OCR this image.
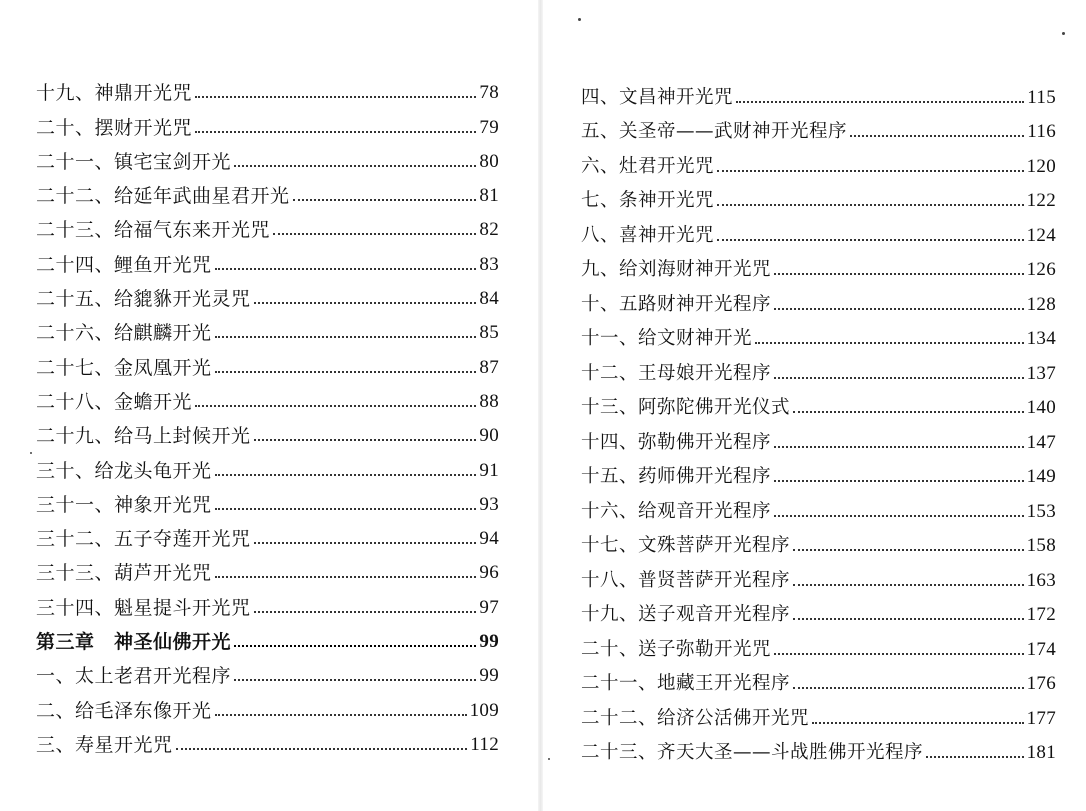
十九、神鼎开光咒	78
二十、摆财开光咒	79
二十一、镇宅宝剑开光	80
二十二、给延年武曲星君开光	81
二十三、给福气东来开光咒	82
二十四、鲤鱼开光咒	83
二十五、给貔貅开光灵咒	84
二十六、给麒麟开光	85
二十七、金凤凰开光	87
二十八、金蟾开光	88
二十九、给马上封候开光	90
三十、给龙头龟开光	91
三十一、神象开光咒	93
三十二、五子夺莲开光咒	94
三十三、葫芦开光咒	96
三十四、魁星提斗开光咒	97
第三章　神圣仙佛开光	99
一、太上老君开光程序	99
二、给毛泽东像开光	109
三、寿星开光咒	112
四、文昌神开光咒	115
五、关圣帝——武财神开光程序	116
六、灶君开光咒	120
七、条神开光咒	122
八、喜神开光咒	124
九、给刘海财神开光咒	126
十、五路财神开光程序	128
十一、给文财神开光	134
十二、王母娘开光程序	137
十三、阿弥陀佛开光仪式	140
十四、弥勒佛开光程序	147
十五、药师佛开光程序	149
十六、给观音开光程序	153
十七、文殊菩萨开光程序	158
十八、普贤菩萨开光程序	163
十九、送子观音开光程序	172
二十、送子弥勒开光咒	174
二十一、地藏王开光程序	176
二十二、给济公活佛开光咒	177
二十三、齐天大圣——斗战胜佛开光程序	181
